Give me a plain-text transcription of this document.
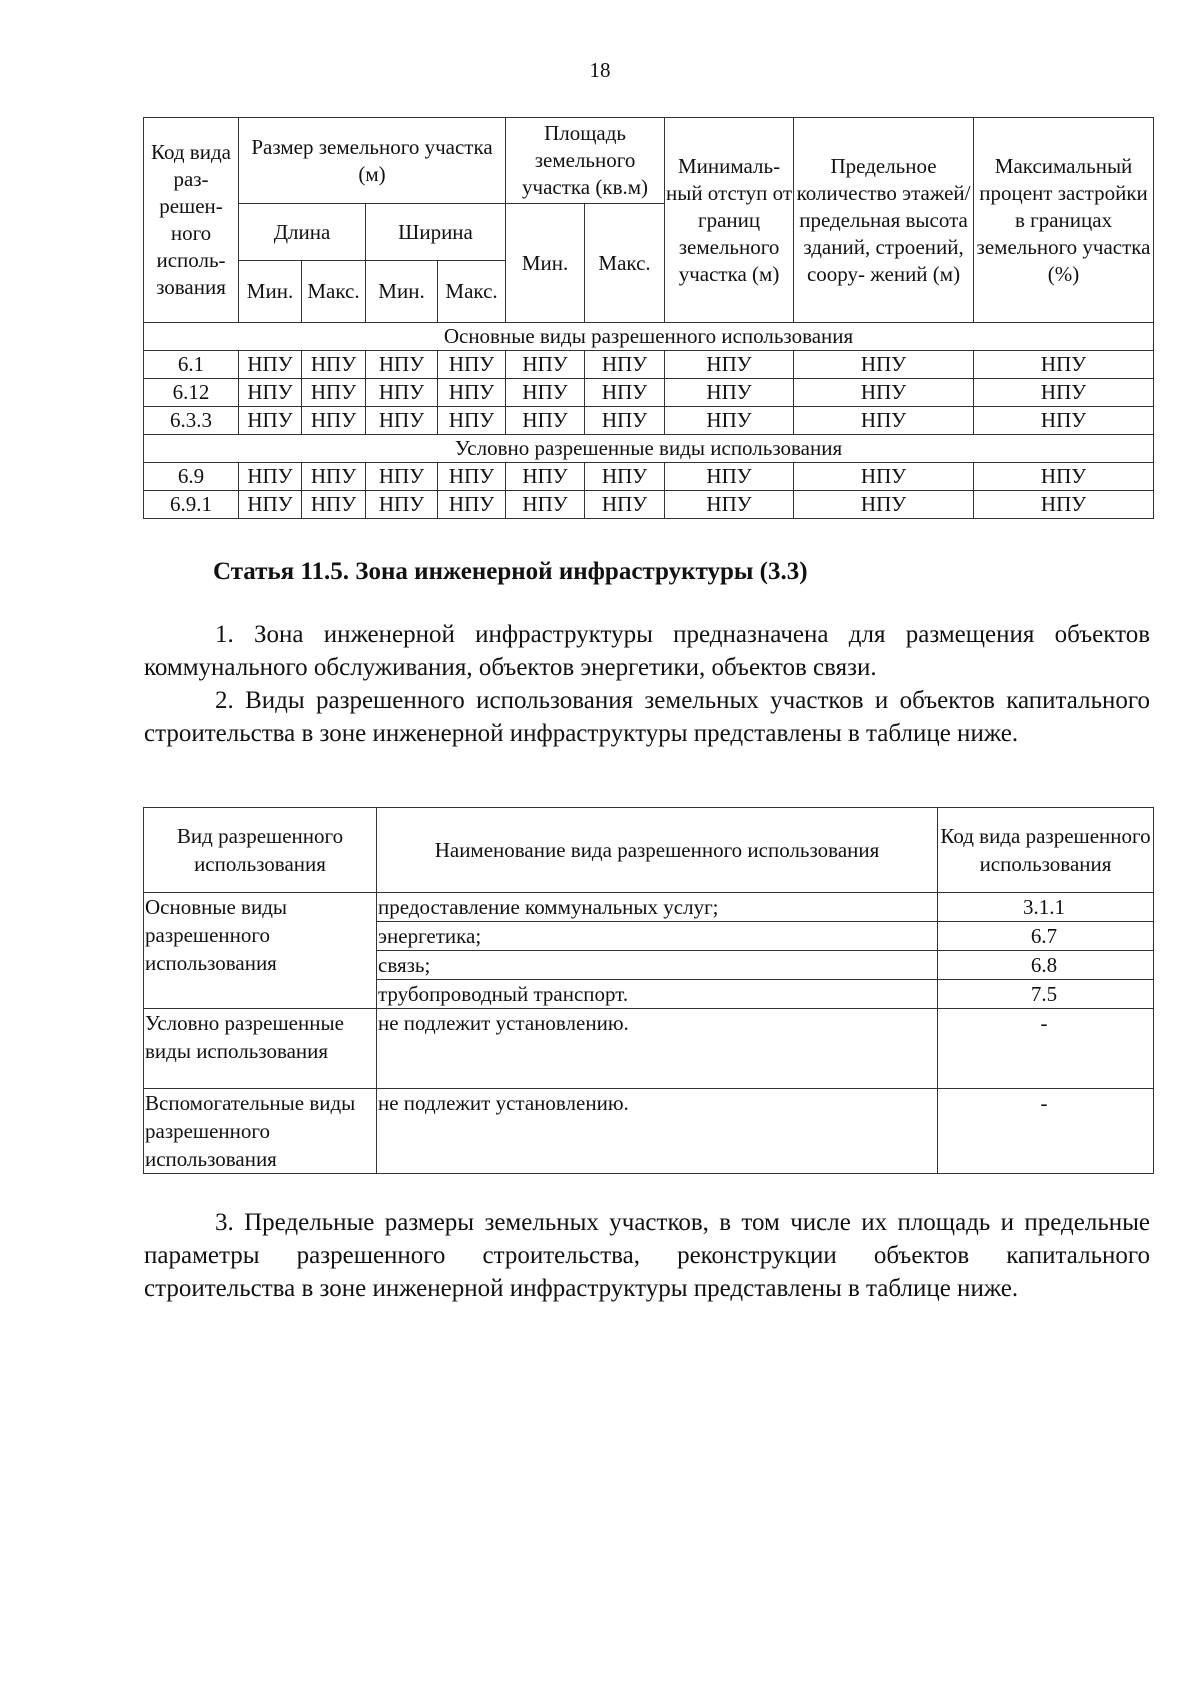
18
Код вида раз- решен- ного исполь- зования	Размер земельного участка (м)				Площадь земельного участка (кв.м)		Минималь- ный отступ от границ земельного участка (м)	Предельное количество этажей/ предельная высота зданий, строений, соору- жений (м)	Максимальный процент застройки в границах земельного участка (%)
	Длина		Ширина		Мин.	Макс.			
	Мин.	Макс.	Мин.	Макс.					
Основные виды разрешенного использования									
6.1	НПУ	НПУ	НПУ	НПУ	НПУ	НПУ	НПУ	НПУ	НПУ
6.12	НПУ	НПУ	НПУ	НПУ	НПУ	НПУ	НПУ	НПУ	НПУ
6.3.3	НПУ	НПУ	НПУ	НПУ	НПУ	НПУ	НПУ	НПУ	НПУ
Условно разрешенные виды использования									
6.9	НПУ	НПУ	НПУ	НПУ	НПУ	НПУ	НПУ	НПУ	НПУ
6.9.1	НПУ	НПУ	НПУ	НПУ	НПУ	НПУ	НПУ	НПУ	НПУ
Статья 11.5. Зона инженерной инфраструктуры (3.3)

1. Зона инженерной инфраструктуры предназначена для размещения объектов коммунального обслуживания, объектов энергетики, объектов связи.

2. Виды разрешенного использования земельных участков и объектов капитального строительства в зоне инженерной инфраструктуры представлены в таблице ниже.

Вид разрешенного использования	Наименование вида разрешенного использования	Код вида разрешенного использования
Основные виды разрешенного использования	предоставление коммунальных услуг;	3.1.1
	энергетика;	6.7
	связь;	6.8
	трубопроводный транспорт.	7.5
Условно разрешенные виды использования	не подлежит установлению.	-
Вспомогательные виды разрешенного использования	не подлежит установлению.	-

3. Предельные размеры земельных участков, в том числе их площадь и предельные параметры разрешенного строительства, реконструкции объектов капитального строительства в зоне инженерной инфраструктуры представлены в таблице ниже.
